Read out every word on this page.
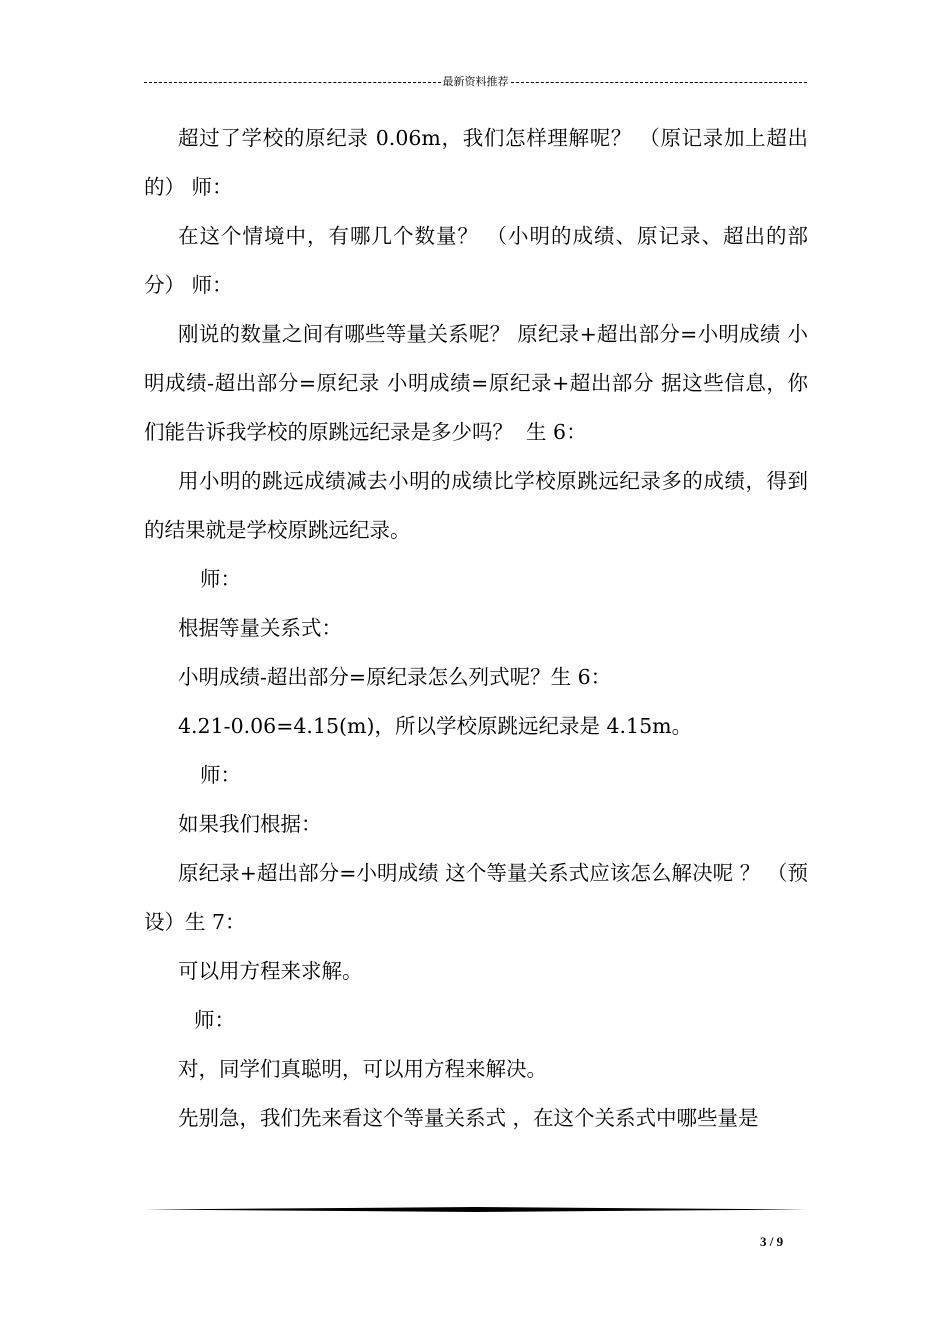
最新资料推荐

超过了学校的原纪录 0.06m，我们怎样理解呢？ （原记录加上超出的） 师：

在这个情境中，有哪几个数量？ （小明的成绩、原记录、超出的部分） 师：

刚说的数量之间有哪些等量关系呢？ 原纪录+超出部分=小明成绩 小明成绩-超出部分=原纪录 小明成绩=原纪录+超出部分 据这些信息，你们能告诉我学校的原跳远纪录是多少吗？  生 6：

用小明的跳远成绩减去小明的成绩比学校原跳远纪录多的成绩，得到的结果就是学校原跳远纪录。

师：

根据等量关系式：

小明成绩-超出部分=原纪录怎么列式呢？生 6：

4.21-0.06=4.15(m)，所以学校原跳远纪录是 4.15m。

师：

如果我们根据：

原纪录+超出部分=小明成绩 这个等量关系式应该怎么解决呢 ？ （预设）生 7：

可以用方程来求解。

师：

对，同学们真聪明，可以用方程来解决。

先别急，我们先来看这个等量关系式 ，在这个关系式中哪些量是

3 / 9
